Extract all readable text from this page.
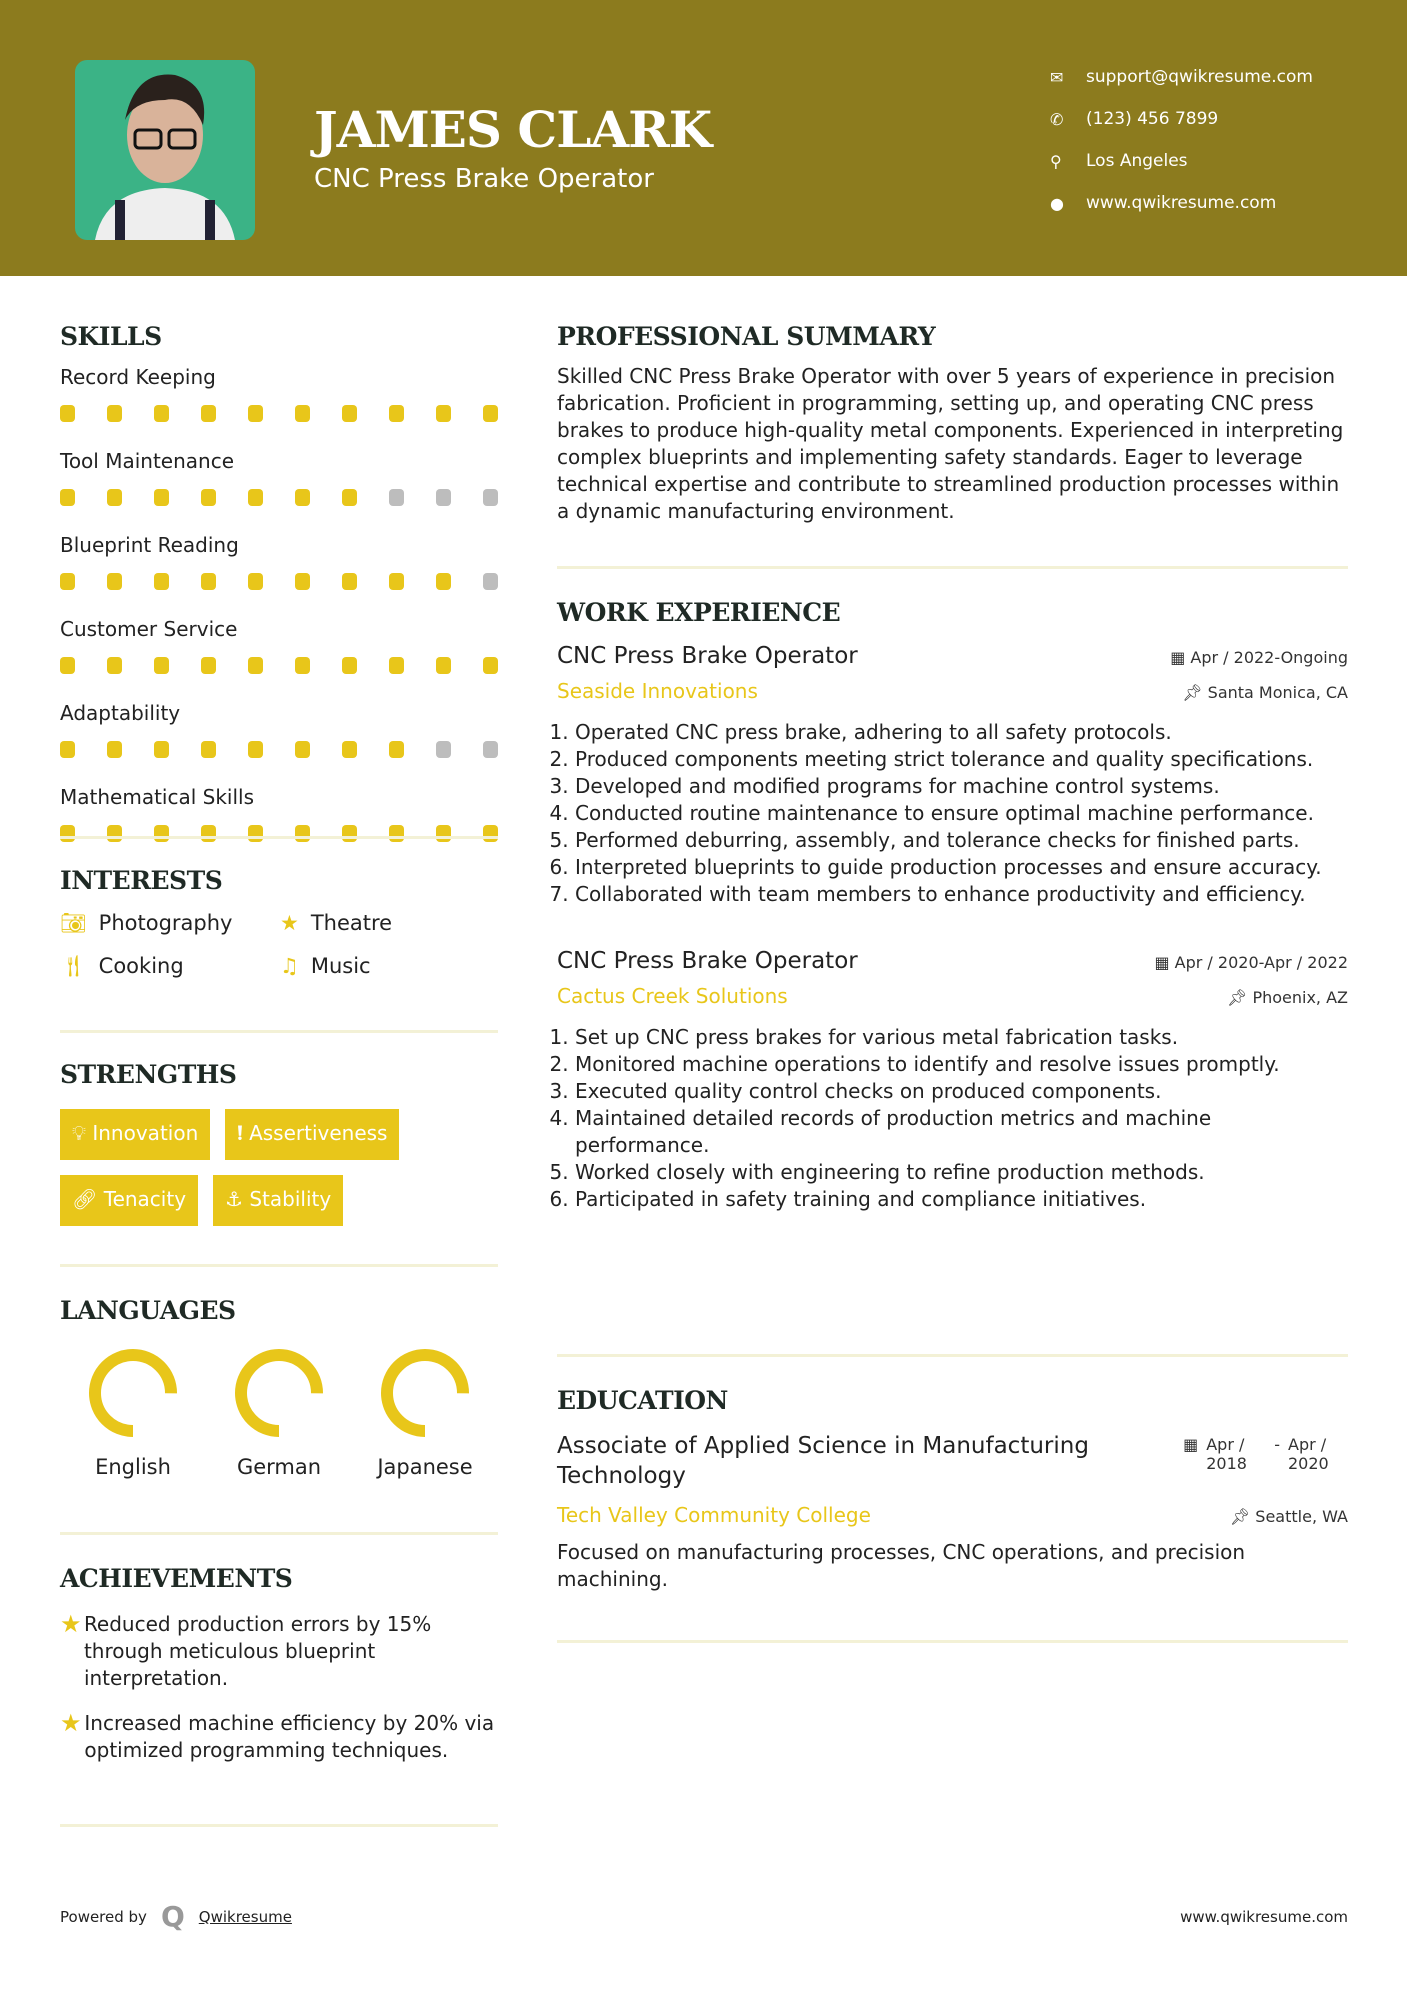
JAMES CLARK
CNC Press Brake Operator
✉	support@qwikresume.com
✆	(123) 456 7899
⚲	Los Angeles
●	www.qwikresume.com
SKILLS
Record Keeping
Tool Maintenance
Blueprint Reading
Customer Service
Adaptability
Mathematical Skills
INTERESTS
📷︎ Photography	★ Theatre
🍴︎ Cooking	♫ Music
STRENGTHS
💡︎ Innovation	❗︎ Assertiveness
🔗︎ Tenacity	⚓︎ Stability
LANGUAGES
English	German	Japanese
ACHIEVEMENTS
★ Reduced production errors by 15% through meticulous blueprint interpretation.
★ Increased machine efficiency by 20% via optimized programming techniques.
PROFESSIONAL SUMMARY

Skilled CNC Press Brake Operator with over 5 years of experience in precision fabrication. Proficient in programming, setting up, and operating CNC press brakes to produce high-quality metal components. Experienced in interpreting complex blueprints and implementing safety standards. Eager to leverage technical expertise and contribute to streamlined production processes within a dynamic manufacturing environment.

WORK EXPERIENCE
CNC Press Brake Operator	▦ Apr / 2022-Ongoing
Seaside Innovations	📌︎ Santa Monica, CA
1. Operated CNC press brake, adhering to all safety protocols.
2. Produced components meeting strict tolerance and quality specifications.
3. Developed and modified programs for machine control systems.
4. Conducted routine maintenance to ensure optimal machine performance.
5. Performed deburring, assembly, and tolerance checks for finished parts.
6. Interpreted blueprints to guide production processes and ensure accuracy.
7. Collaborated with team members to enhance productivity and efficiency.
CNC Press Brake Operator	▦ Apr / 2020-Apr / 2022
Cactus Creek Solutions	📌︎ Phoenix, AZ
1. Set up CNC press brakes for various metal fabrication tasks.
2. Monitored machine operations to identify and resolve issues promptly.
3. Executed quality control checks on produced components.
4. Maintained detailed records of production metrics and machine performance.
5. Worked closely with engineering to refine production methods.
6. Participated in safety training and compliance initiatives.
EDUCATION
Associate of Applied Science in Manufacturing Technology
▦ Apr / 2018
- Apr / 2020
Tech Valley Community College	📌︎ Seattle, WA

Focused on manufacturing processes, CNC operations, and precision machining.

Powered by Q Qwikresume	www.qwikresume.com
